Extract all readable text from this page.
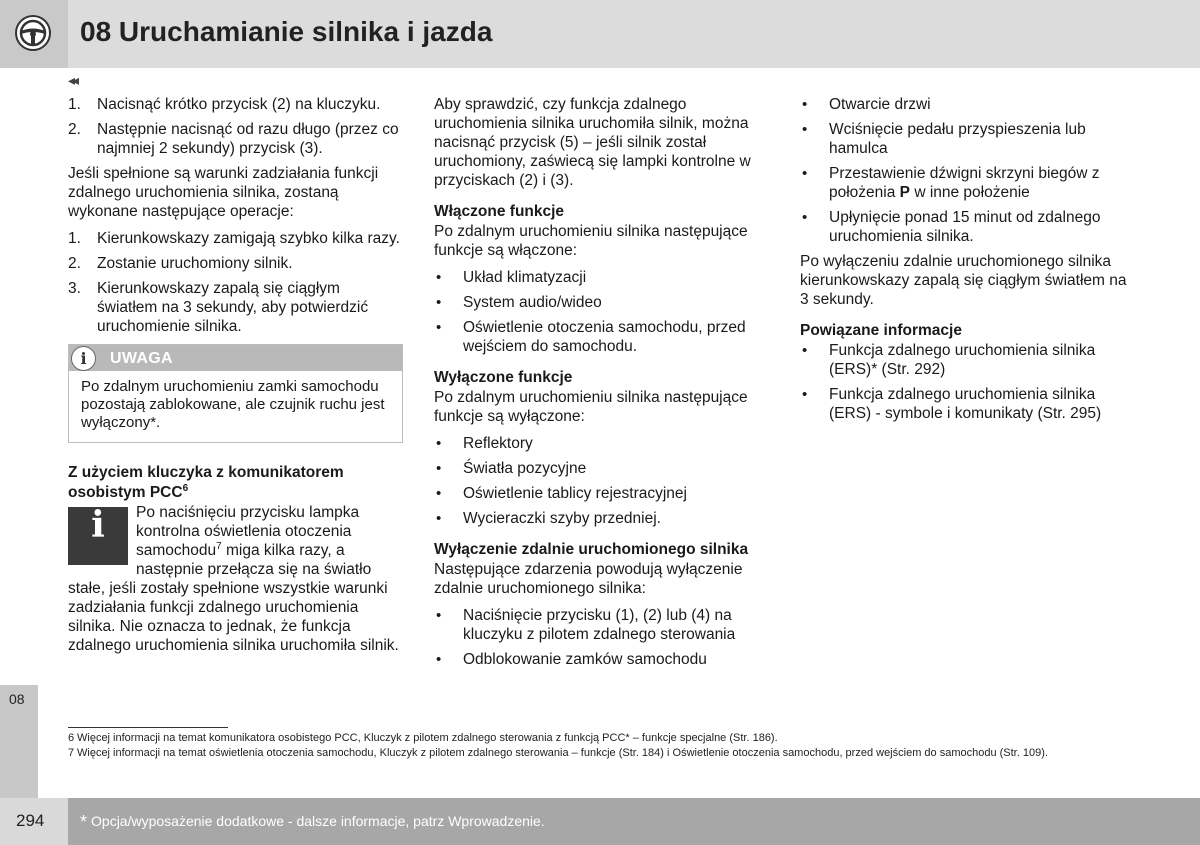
08 Uruchamianie silnika i jazda
◂◂
08
1. Nacisnąć krótko przycisk (2) na kluczyku.
2. Następnie nacisnąć od razu długo (przez co najmniej 2 sekundy) przycisk (3).

Jeśli spełnione są warunki zadziałania funkcji zdalnego uruchomienia silnika, zostaną wykonane następujące operacje:

1. Kierunkowskazy zamigają szybko kilka razy.
2. Zostanie uruchomiony silnik.
3. Kierunkowskazy zapalą się ciągłym światłem na 3 sekundy, aby potwierdzić uruchomienie silnika.
i	UWAGA
Po zdalnym uruchomieniu zamki samochodu pozostają zablokowane, ale czujnik ruchu jest wyłączony*.
Z użyciem kluczyka z komunikatorem osobistym PCC$^6$
i	Po naciśnięciu przycisku lampka kontrolna oświetlenia otoczenia samochodu$^7$ miga kilka razy, a następnie przełącza się na światło stałe, jeśli zostały spełnione wszystkie warunki zadziałania funkcji zdalnego uruchomienia silnika. Nie oznacza to jednak, że funkcja zdalnego uruchomienia silnika uruchomiła silnik.

Aby sprawdzić, czy funkcja zdalnego uruchomienia silnika uruchomiła silnik, można nacisnąć przycisk (5) – jeśli silnik został uruchomiony, zaświecą się lampki kontrolne w przyciskach (2) i (3).

Włączone funkcje

Po zdalnym uruchomieniu silnika następujące funkcje są włączone:

• Układ klimatyzacji
• System audio/wideo
• Oświetlenie otoczenia samochodu, przed wejściem do samochodu.
Wyłączone funkcje

Po zdalnym uruchomieniu silnika następujące funkcje są wyłączone:

• Reflektory
• Światła pozycyjne
• Oświetlenie tablicy rejestracyjnej
• Wycieraczki szyby przedniej.
Wyłączenie zdalnie uruchomionego silnika

Następujące zdarzenia powodują wyłączenie zdalnie uruchomionego silnika:

• Naciśnięcie przycisku (1), (2) lub (4) na kluczyku z pilotem zdalnego sterowania
• Odblokowanie zamków samochodu
• Otwarcie drzwi
• Wciśnięcie pedału przyspieszenia lub hamulca
• Przestawienie dźwigni skrzyni biegów z położenia P w inne położenie
• Upłynięcie ponad 15 minut od zdalnego uruchomienia silnika.

Po wyłączeniu zdalnie uruchomionego silnika kierunkowskazy zapalą się ciągłym światłem na 3 sekundy.

Powiązane informacje
• Funkcja zdalnego uruchomienia silnika (ERS)* (Str. 292)
• Funkcja zdalnego uruchomienia silnika (ERS) - symbole i komunikaty (Str. 295)
6 Więcej informacji na temat komunikatora osobistego PCC, Kluczyk z pilotem zdalnego sterowania z funkcją PCC* – funkcje specjalne (Str. 186).
7 Więcej informacji na temat oświetlenia otoczenia samochodu, Kluczyk z pilotem zdalnego sterowania – funkcje (Str. 184) i Oświetlenie otoczenia samochodu, przed wejściem do samochodu (Str. 109).
294 * Opcja/wyposażenie dodatkowe - dalsze informacje, patrz Wprowadzenie.
